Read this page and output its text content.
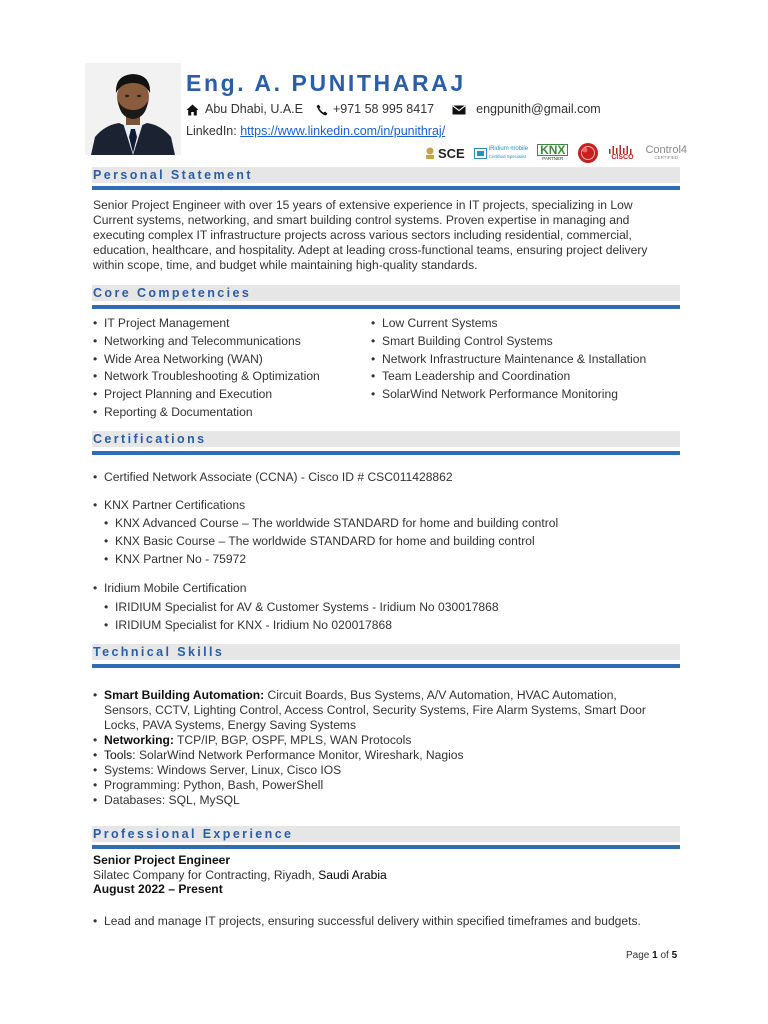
Eng. A. PUNITHARAJ
Abu Dhabi, U.A.E +971 58 995 8417	engpunith@gmail.com
LinkedIn: https://www.linkedin.com/in/punithraj/
SCE	iRidium mobile
Certified Specialist KNX
PARTNER	CISCO
Control4
CERTIFIED
Personal Statement
Senior Project Engineer with over 15 years of extensive experience in IT projects, specializing in Low
Current systems, networking, and smart building control systems. Proven expertise in managing and
executing complex IT infrastructure projects across various sectors including residential, commercial,
education, healthcare, and hospitality. Adept at leading cross-functional teams, ensuring project delivery
within scope, time, and budget while maintaining high-quality standards.
Core Competencies
• IT Project Management
• Networking and Telecommunications
• Wide Area Networking (WAN)
• Network Troubleshooting & Optimization
• Project Planning and Execution
• Reporting & Documentation
• Low Current Systems
• Smart Building Control Systems
• Network Infrastructure Maintenance & Installation
• Team Leadership and Coordination
• SolarWind Network Performance Monitoring
Certifications
• Certified Network Associate (CCNA) - Cisco ID # CSC011428862
• KNX Partner Certifications
• KNX Advanced Course – The worldwide STANDARD for home and building control
• KNX Basic Course – The worldwide STANDARD for home and building control
• KNX Partner No - 75972
• Iridium Mobile Certification
• IRIDIUM Specialist for AV & Customer Systems - Iridium No 030017868
• IRIDIUM Specialist for KNX - Iridium No 020017868
Technical Skills
• Smart Building Automation: Circuit Boards, Bus Systems, A/V Automation, HVAC Automation,
Sensors, CCTV, Lighting Control, Access Control, Security Systems, Fire Alarm Systems, Smart Door
Locks, PAVA Systems, Energy Saving Systems
• Networking: TCP/IP, BGP, OSPF, MPLS, WAN Protocols
• Tools: SolarWind Network Performance Monitor, Wireshark, Nagios
• Systems: Windows Server, Linux, Cisco IOS
• Programming: Python, Bash, PowerShell
• Databases: SQL, MySQL
Professional Experience
Senior Project Engineer
Silatec Company for Contracting, Riyadh, Saudi Arabia
August 2022 – Present
• Lead and manage IT projects, ensuring successful delivery within specified timeframes and budgets.
Page 1 of 5
